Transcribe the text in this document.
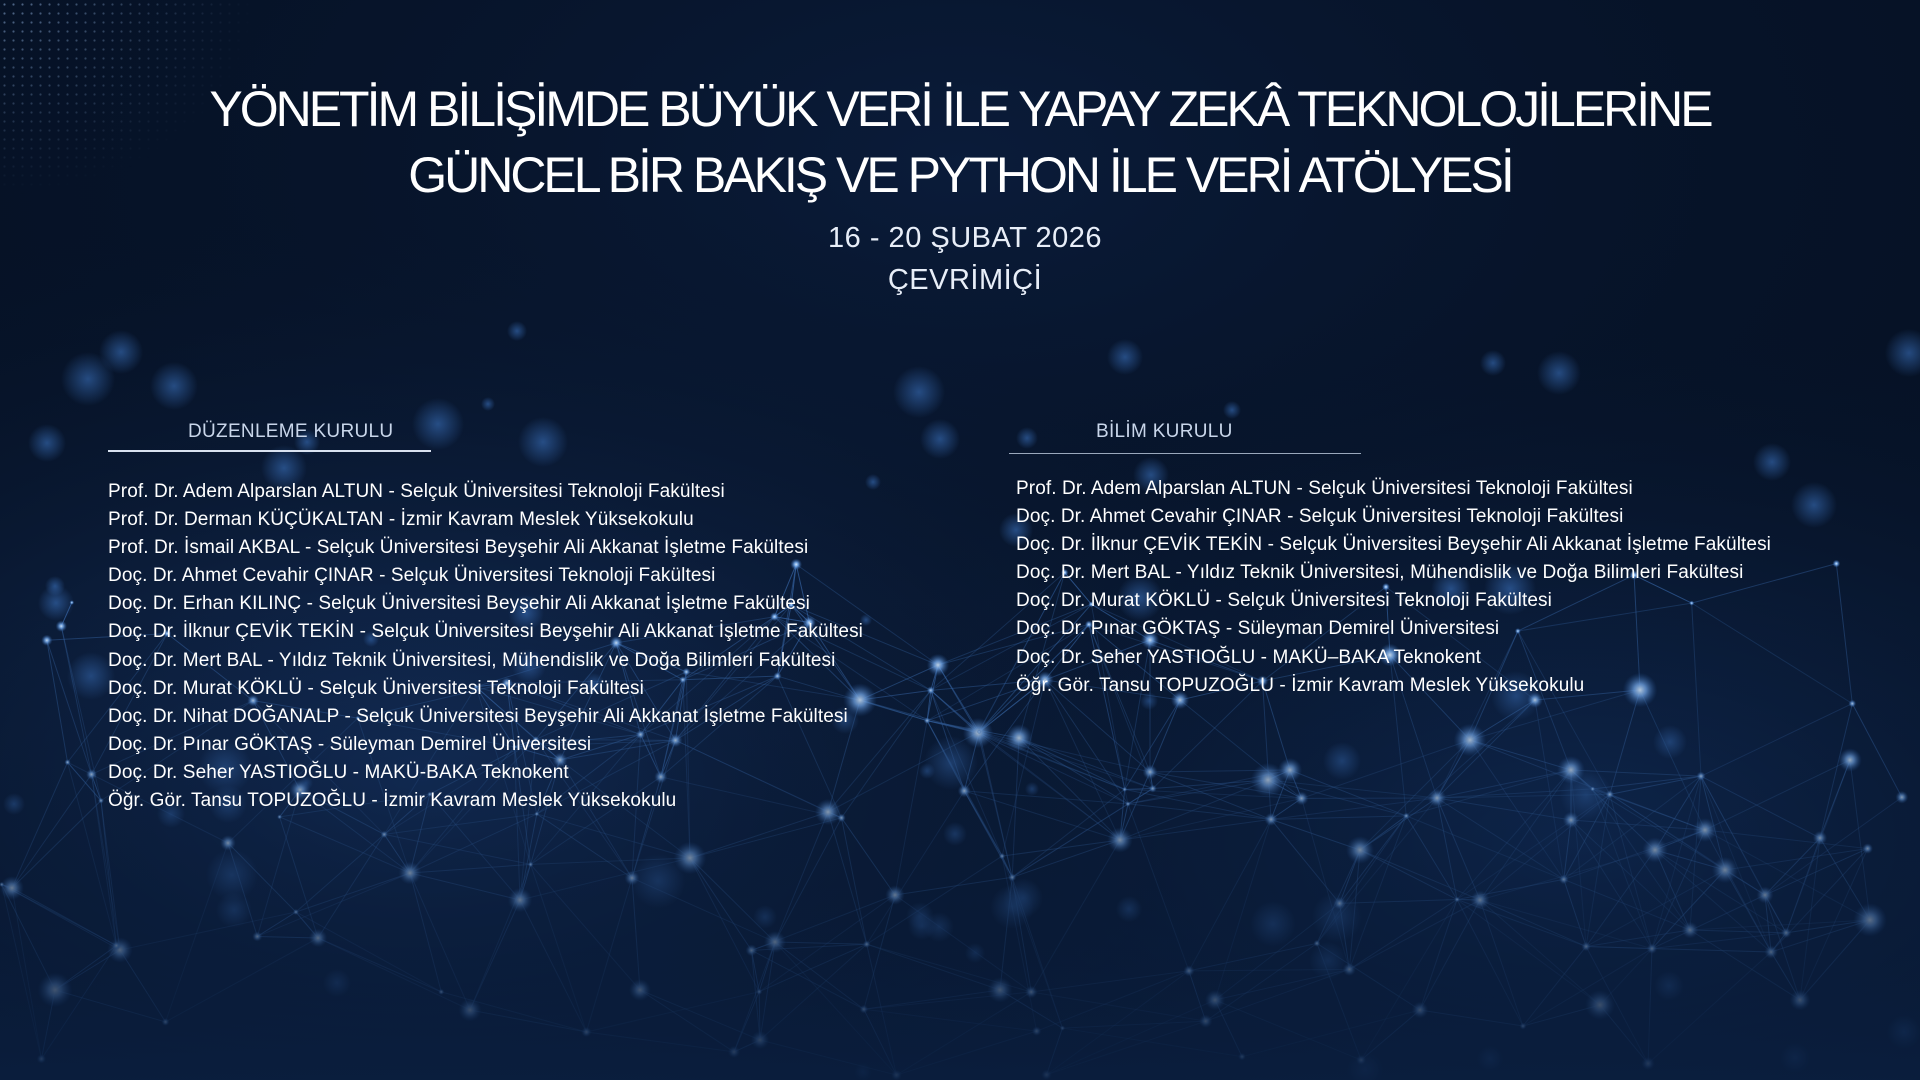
YÖNETİM BİLİŞİMDE BÜYÜK VERİ İLE YAPAY ZEKÂ TEKNOLOJİLERİNE
GÜNCEL BİR BAKIŞ VE PYTHON İLE VERİ ATÖLYESİ
16 - 20 ŞUBAT 2026
ÇEVRİMİÇİ
DÜZENLEME KURULU
Prof. Dr. Adem Alparslan ALTUN - Selçuk Üniversitesi Teknoloji Fakültesi
Prof. Dr. Derman KÜÇÜKALTAN - İzmir Kavram Meslek Yüksekokulu
Prof. Dr. İsmail AKBAL - Selçuk Üniversitesi Beyşehir Ali Akkanat İşletme Fakültesi
Doç. Dr. Ahmet Cevahir ÇINAR - Selçuk Üniversitesi Teknoloji Fakültesi
Doç. Dr. Erhan KILINÇ - Selçuk Üniversitesi Beyşehir Ali Akkanat İşletme Fakültesi
Doç. Dr. İlknur ÇEVİK TEKİN - Selçuk Üniversitesi Beyşehir Ali Akkanat İşletme Fakültesi
Doç. Dr. Mert BAL - Yıldız Teknik Üniversitesi, Mühendislik ve Doğa Bilimleri Fakültesi
Doç. Dr. Murat KÖKLÜ - Selçuk Üniversitesi Teknoloji Fakültesi
Doç. Dr. Nihat DOĞANALP - Selçuk Üniversitesi Beyşehir Ali Akkanat İşletme Fakültesi
Doç. Dr. Pınar GÖKTAŞ - Süleyman Demirel Üniversitesi
Doç. Dr. Seher YASTIOĞLU - MAKÜ-BAKA Teknokent
Öğr. Gör. Tansu TOPUZOĞLU - İzmir Kavram Meslek Yüksekokulu
BİLİM KURULU
Prof. Dr. Adem Alparslan ALTUN - Selçuk Üniversitesi Teknoloji Fakültesi
Doç. Dr. Ahmet Cevahir ÇINAR - Selçuk Üniversitesi Teknoloji Fakültesi
Doç. Dr. İlknur ÇEVİK TEKİN - Selçuk Üniversitesi Beyşehir Ali Akkanat İşletme Fakültesi
Doç. Dr. Mert BAL - Yıldız Teknik Üniversitesi, Mühendislik ve Doğa Bilimleri Fakültesi
Doç. Dr. Murat KÖKLÜ - Selçuk Üniversitesi Teknoloji Fakültesi
Doç. Dr. Pınar GÖKTAŞ - Süleyman Demirel Üniversitesi
Doç. Dr. Seher YASTIOĞLU - MAKÜ–BAKA Teknokent
Öğr. Gör. Tansu TOPUZOĞLU - İzmir Kavram Meslek Yüksekokulu
